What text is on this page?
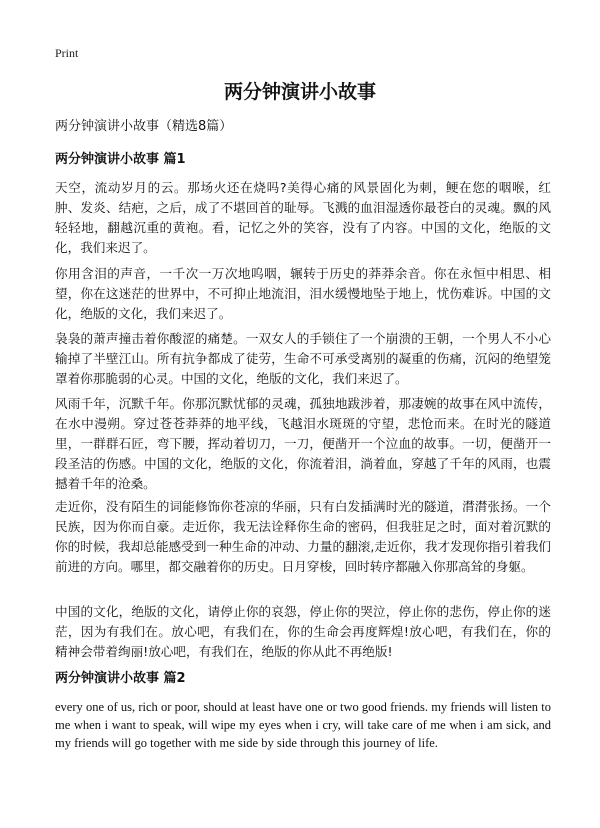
Print
两分钟演讲小故事
两分钟演讲小故事（精选8篇）
两分钟演讲小故事 篇1

天空，流动岁月的云。那场火还在烧吗?美得心痛的风景固化为刺，鲠在您的咽喉，红肿、发炎、结疤，之后，成了不堪回首的耻辱。飞溅的血泪湿透你最苍白的灵魂。飘的风轻轻地，翻越沉重的黄袍。看，记忆之外的笑容，没有了内容。中国的文化，绝版的文化，我们来迟了。

你用含泪的声音，一千次一万次地呜咽，辗转于历史的莽莽余音。你在永恒中相思、相望，你在这迷茫的世界中，不可抑止地流泪，泪水缓慢地坠于地上，忧伤难诉。中国的文化，绝版的文化，我们来迟了。

袅袅的萧声撞击着你酸涩的痛楚。一双女人的手锁住了一个崩溃的王朝，一个男人不小心输掉了半壁江山。所有抗争都成了徒劳，生命不可承受离别的凝重的伤痛，沉闷的绝望笼罩着你那脆弱的心灵。中国的文化，绝版的文化，我们来迟了。

风雨千年，沉默千年。你那沉默忧郁的灵魂，孤独地跋涉着，那凄婉的故事在风中流传，在水中漫朔。穿过苍苍莽莽的地平线，飞越泪水斑斑的守望，悲怆而来。在时光的隧道里，一群群石匠，弯下腰，挥动着切刀，一刀，便凿开一个泣血的故事。一切，便凿开一段圣洁的伤感。中国的文化，绝版的文化，你流着泪，淌着血，穿越了千年的风雨，也震撼着千年的沧桑。

走近你，没有陌生的词能修饰你苍凉的华丽，只有白发插满时光的隧道，潸潸张扬。一个民族，因为你而自豪。走近你，我无法诠释你生命的密码，但我驻足之时，面对着沉默的你的时候，我却总能感受到一种生命的冲动、力量的翻滚,走近你，我才发现你指引着我们前进的方向。哪里，都交融着你的历史。日月穿梭，回时转序都融入你那高耸的身躯。

中国的文化，绝版的文化，请停止你的哀怨，停止你的哭泣，停止你的悲伤，停止你的迷茫，因为有我们在。放心吧，有我们在，你的生命会再度辉煌!放心吧，有我们在，你的精神会带着绚丽!放心吧，有我们在，绝版的你从此不再绝版!

两分钟演讲小故事 篇2

every one of us, rich or poor, should at least have one or two good friends. my friends will listen to me when i want to speak, will wipe my eyes when i cry, will take care of me when i am sick, and my friends will go together with me side by side through this journey of life.
